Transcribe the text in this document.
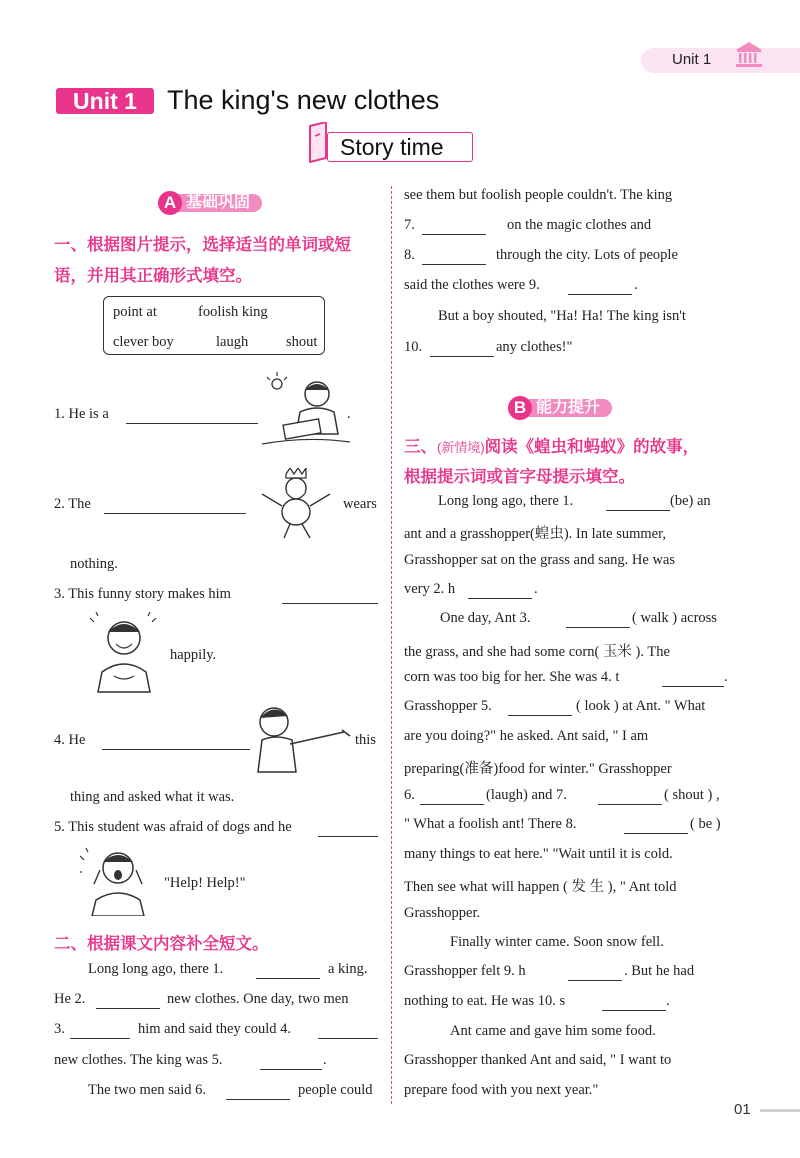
Unit 1
Unit 1	The king's new clothes
Story time
A 基础巩固
一、根据图片提示，选择适当的单词或短
语，并用其正确形式填空。
point at	foolish king
clever boy	laugh	shout
1. He is a	.
2. The	wears
nothing.
3. This funny story makes him
happily.
4. He	this
thing and asked what it was.
5. This student was afraid of dogs and he
"Help! Help!"
二、根据课文内容补全短文。
Long long ago, there 1.	a king.
He 2.	new clothes. One day, two men
3.	him and said they could 4.
new clothes. The king was 5.	.
The two men said 6.	people could
see them but foolish people couldn't. The king
7.	on the magic clothes and
8.	through the city. Lots of people
said the clothes were 9.	.
But a boy shouted, "Ha! Ha! The king isn't
10.	any clothes!"
B 能力提升
三、(新情境)阅读《蝗虫和蚂蚁》的故事，
根据提示词或首字母提示填空。
Long long ago, there 1.	(be) an
ant and a grasshopper(蝗虫). In late summer,
Grasshopper sat on the grass and sang. He was
very 2. h	.
One day, Ant 3.	( walk ) across
the grass, and she had some corn( 玉米 ). The
corn was too big for her. She was 4. t	.
Grasshopper 5.	( look ) at Ant. " What
are you doing?" he asked. Ant said, " I am
preparing(准备)food for winter." Grasshopper
6.	(laugh) and 7.	( shout ) ,
" What a foolish ant! There 8.	( be )
many things to eat here." "Wait until it is cold.
Then see what will happen ( 发 生 ), " Ant told
Grasshopper.
Finally winter came. Soon snow fell.
Grasshopper felt 9. h	. But he had
nothing to eat. He was 10. s	.
Ant came and gave him some food.
Grasshopper thanked Ant and said, " I want to
prepare food with you next year."
01
